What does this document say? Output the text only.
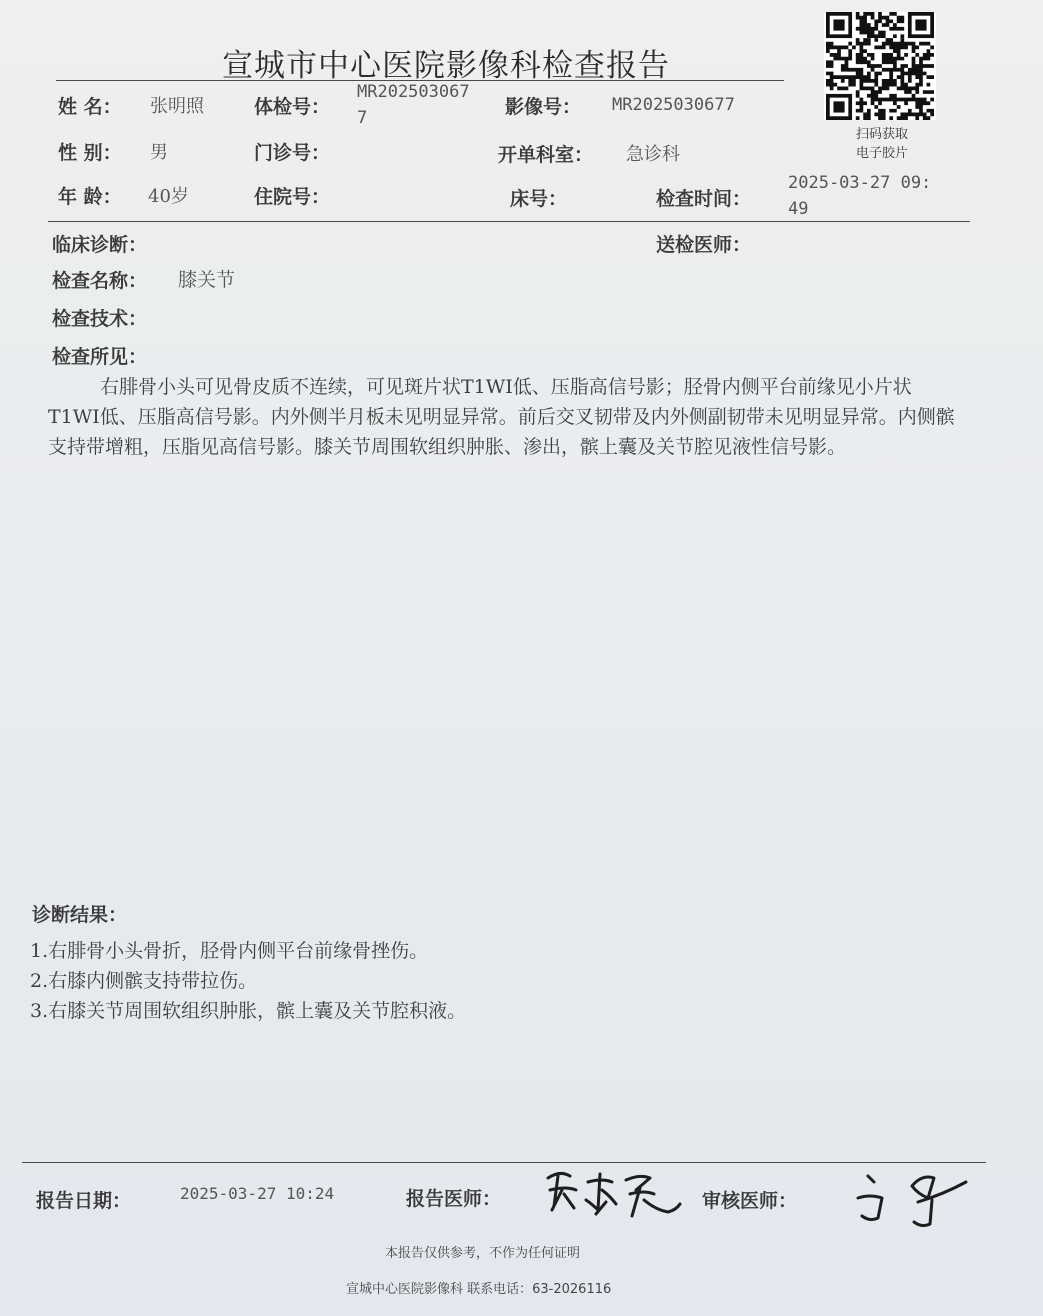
宣城市中心医院影像科检查报告
扫码获取
电子胶片
姓 名： 张明照	体检号：
MR202503067
7	影像号： MR2025030677
性 别： 男	门诊号：	开单科室： 急诊科
年 龄： 40岁	住院号：	床号：	检查时间：
2025-03-27 09:
49
临床诊断：	送检医师：
检查名称： 膝关节
检查技术：
检查所见：
右腓骨小头可见骨皮质不连续，可见斑片状T1WI低、压脂高信号影；胫骨内侧平台前缘见小片状T1WI低、压脂高信号影。内外侧半月板未见明显异常。前后交叉韧带及内外侧副韧带未见明显异常。内侧髌支持带增粗，压脂见高信号影。膝关节周围软组织肿胀、渗出，髌上囊及关节腔见液性信号影。
诊断结果：
1.右腓骨小头骨折，胫骨内侧平台前缘骨挫伤。
2.右膝内侧髌支持带拉伤。
3.右膝关节周围软组织肿胀，髌上囊及关节腔积液。
报告日期：	2025-03-27 10:24	报告医师：	审核医师：
本报告仅供参考，不作为任何证明
宣城中心医院影像科 联系电话：63-2026116
